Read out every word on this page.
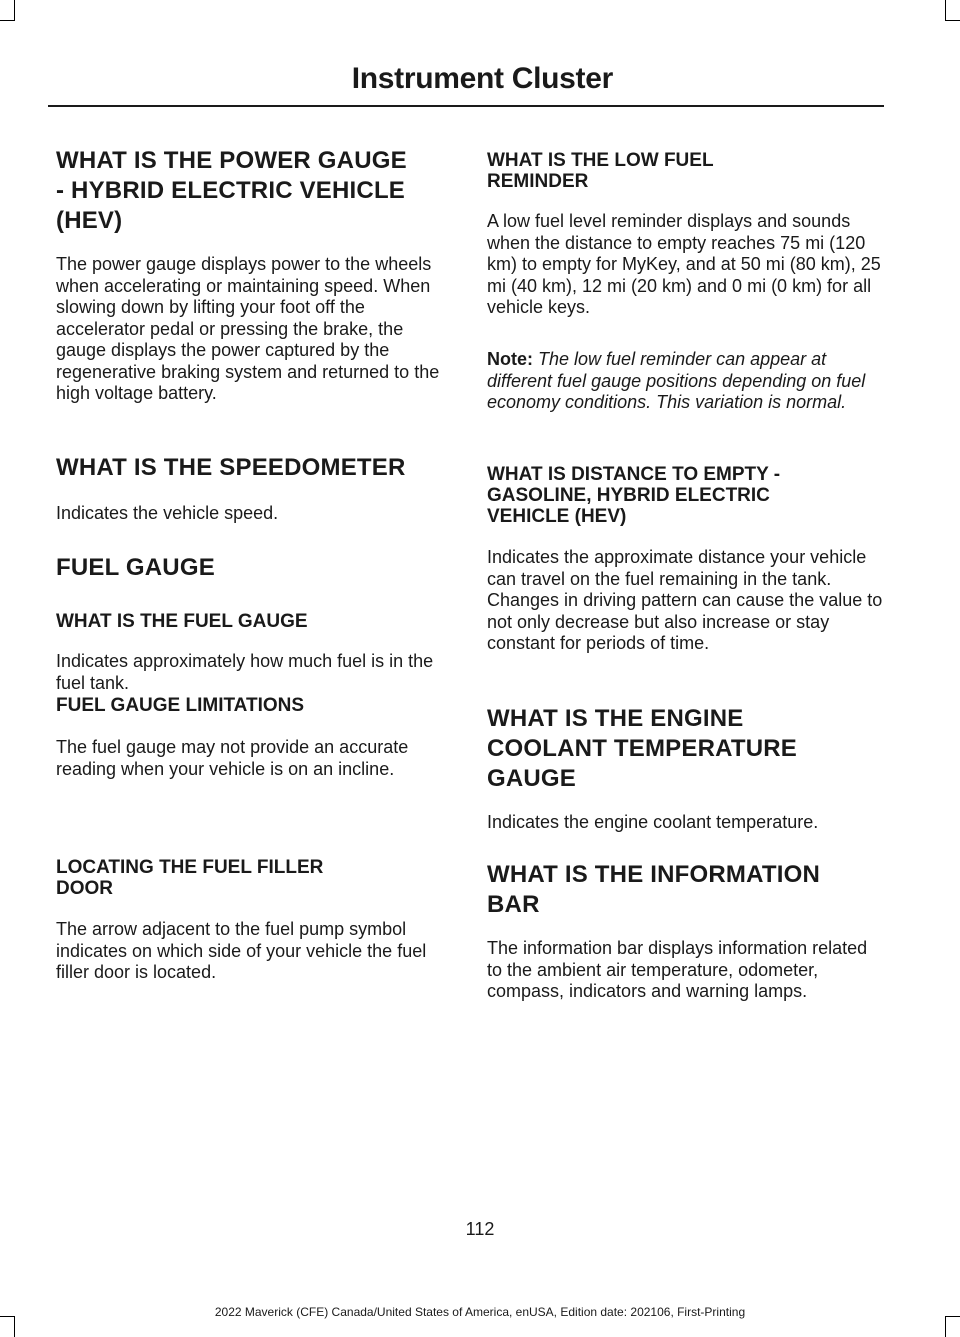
Instrument Cluster
WHAT IS THE POWER GAUGE
- HYBRID ELECTRIC VEHICLE
(HEV)

The power gauge displays power to the wheels when accelerating or maintaining speed. When slowing down by lifting your foot off the accelerator pedal or pressing the brake, the gauge displays the power captured by the regenerative braking system and returned to the high voltage battery.

WHAT IS THE SPEEDOMETER

Indicates the vehicle speed.

FUEL GAUGE
WHAT IS THE FUEL GAUGE

Indicates approximately how much fuel is in the fuel tank.

FUEL GAUGE LIMITATIONS

The fuel gauge may not provide an accurate reading when your vehicle is on an incline.

LOCATING THE FUEL FILLER
DOOR

The arrow adjacent to the fuel pump symbol indicates on which side of your vehicle the fuel filler door is located.

WHAT IS THE LOW FUEL
REMINDER

A low fuel level reminder displays and sounds when the distance to empty reaches 75 mi (120 km) to empty for MyKey, and at 50 mi (80 km), 25 mi (40 km), 12 mi (20 km) and 0 mi (0 km) for all vehicle keys.

Note: The low fuel reminder can appear at different fuel gauge positions depending on fuel economy conditions. This variation is normal.

WHAT IS DISTANCE TO EMPTY -
GASOLINE, HYBRID ELECTRIC
VEHICLE (HEV)

Indicates the approximate distance your vehicle can travel on the fuel remaining in the tank. Changes in driving pattern can cause the value to not only decrease but also increase or stay constant for periods of time.

WHAT IS THE ENGINE
COOLANT TEMPERATURE
GAUGE

Indicates the engine coolant temperature.

WHAT IS THE INFORMATION
BAR

The information bar displays information related to the ambient air temperature, odometer, compass, indicators and warning lamps.

112
2022 Maverick (CFE) Canada/United States of America, enUSA, Edition date: 202106, First-Printing
